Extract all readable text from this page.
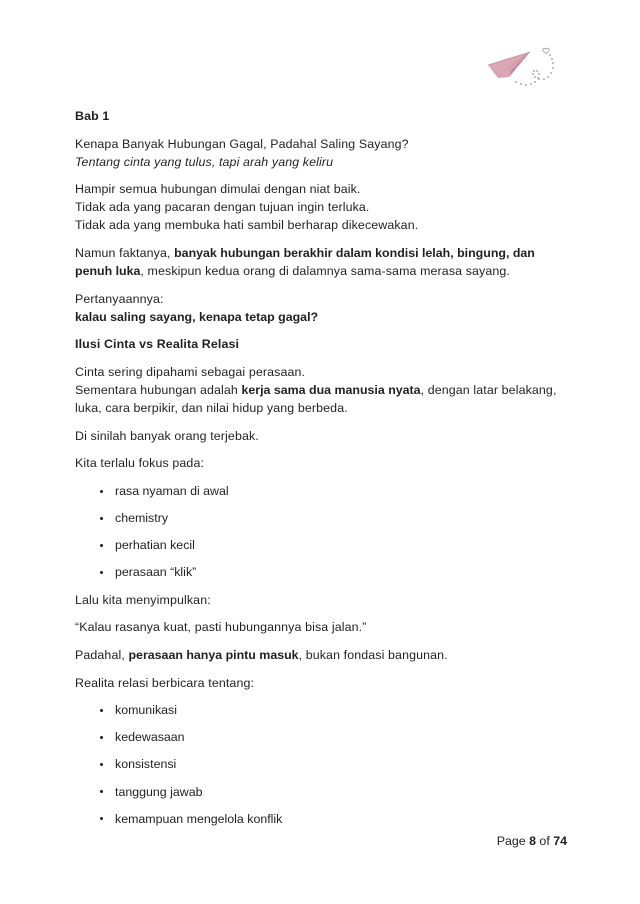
Bab 1
Kenapa Banyak Hubungan Gagal, Padahal Saling Sayang?
Tentang cinta yang tulus, tapi arah yang keliru
Hampir semua hubungan dimulai dengan niat baik.
Tidak ada yang pacaran dengan tujuan ingin terluka.
Tidak ada yang membuka hati sambil berharap dikecewakan.
Namun faktanya, banyak hubungan berakhir dalam kondisi lelah, bingung, dan penuh luka, meskipun kedua orang di dalamnya sama-sama merasa sayang.
Pertanyaannya:
kalau saling sayang, kenapa tetap gagal?
Ilusi Cinta vs Realita Relasi
Cinta sering dipahami sebagai perasaan.
Sementara hubungan adalah kerja sama dua manusia nyata, dengan latar belakang, luka, cara berpikir, dan nilai hidup yang berbeda.
Di sinilah banyak orang terjebak.
Kita terlalu fokus pada:
rasa nyaman di awal
chemistry
perhatian kecil
perasaan “klik”
Lalu kita menyimpulkan:
“Kalau rasanya kuat, pasti hubungannya bisa jalan.”
Padahal, perasaan hanya pintu masuk, bukan fondasi bangunan.
Realita relasi berbicara tentang:
komunikasi
kedewasaan
konsistensi
tanggung jawab
kemampuan mengelola konflik
Page 8 of 74
